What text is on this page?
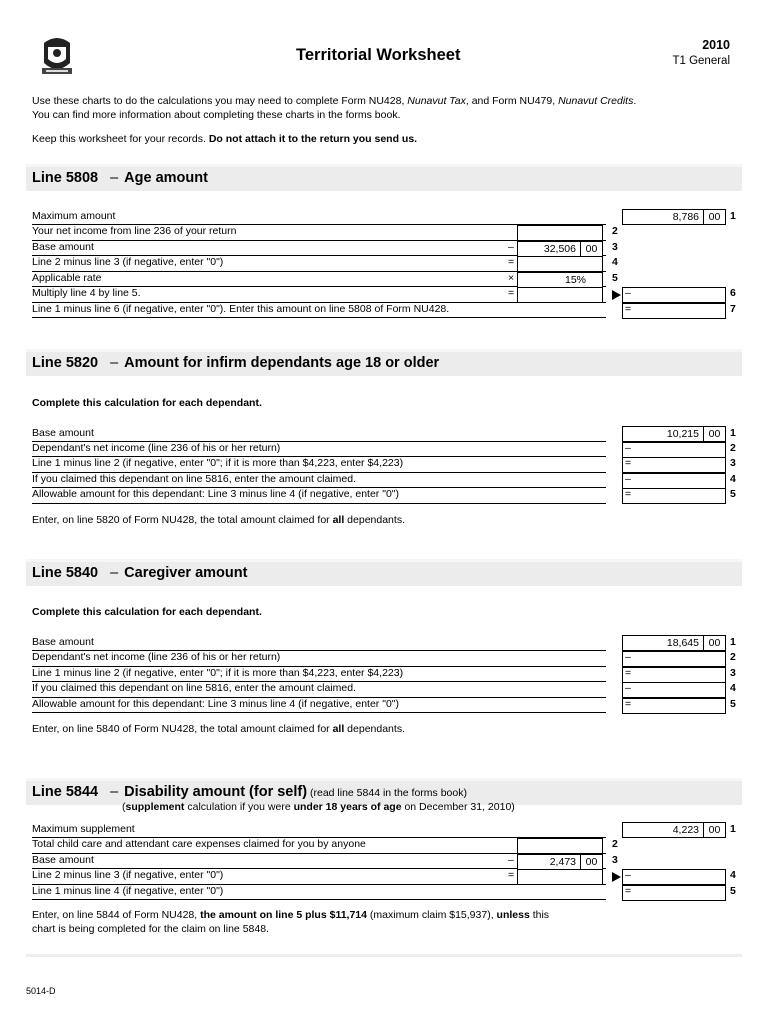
Territorial Worksheet
2010
T1 General
Use these charts to do the calculations you may need to complete Form NU428, Nunavut Tax, and Form NU479, Nunavut Credits.
You can find more information about completing these charts in the forms book.
Keep this worksheet for your records. Do not attach it to the return you send us.
Line 5808 – Age amount
Maximum amount
Your net income from line 236 of your return
Base amount
Line 2 minus line 3 (if negative, enter "0")
Applicable rate
Multiply line 4 by line 5.
Line 1 minus line 6 (if negative, enter "0"). Enter this amount on line 5808 of Form NU428.
8,786 00
32,506 00
15%
–
=
×
=	–
=
1
2
3
4
5
6
7
Line 5820 – Amount for infirm dependants age 18 or older
Complete this calculation for each dependant.
Base amount
Dependant's net income (line 236 of his or her return)
Line 1 minus line 2 (if negative, enter "0"; if it is more than $4,223, enter $4,223)
If you claimed this dependant on line 5816, enter the amount claimed.
Allowable amount for this dependant: Line 3 minus line 4 (if negative, enter "0")
10,215 00
–
=
–
=
1
2
3
4
5
Enter, on line 5820 of Form NU428, the total amount claimed for all dependants.
Line 5840 – Caregiver amount
Complete this calculation for each dependant.
Base amount
Dependant's net income (line 236 of his or her return)
Line 1 minus line 2 (if negative, enter "0"; if it is more than $4,223, enter $4,223)
If you claimed this dependant on line 5816, enter the amount claimed.
Allowable amount for this dependant: Line 3 minus line 4 (if negative, enter "0")
18,645 00
–
=
–
=
1
2
3
4
5
Enter, on line 5840 of Form NU428, the total amount claimed for all dependants.
Line 5844 – Disability amount (for self) (read line 5844 in the forms book)
(supplement calculation if you were under 18 years of age on December 31, 2010)
Maximum supplement
Total child care and attendant care expenses claimed for you by anyone
Base amount
Line 2 minus line 3 (if negative, enter "0")
Line 1 minus line 4 (if negative, enter "0")
4,223 00
2,473 00
–
=	–
=
1
2
3
4
5
Enter, on line 5844 of Form NU428, the amount on line 5 plus $11,714 (maximum claim $15,937), unless this
chart is being completed for the claim on line 5848.
5014-D
